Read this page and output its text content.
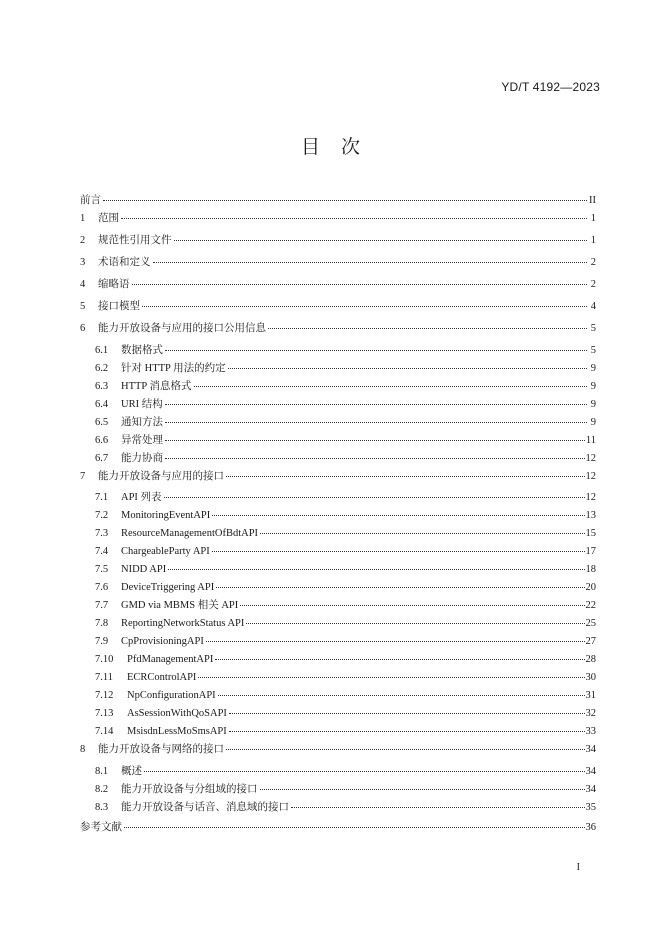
YD/T 4192—2023
目　次
前言	II
1	范围	1
2	规范性引用文件	1
3	术语和定义	2
4	缩略语	2
5	接口模型	4
6	能力开放设备与应用的接口公用信息	5
6.1	数据格式	5
6.2	针对 HTTP 用法的约定	9
6.3	HTTP 消息格式	9
6.4	URI 结构	9
6.5	通知方法	9
6.6	异常处理	11
6.7	能力协商	12
7	能力开放设备与应用的接口	12
7.1	API 列表	12
7.2	MonitoringEventAPI	13
7.3	ResourceManagementOfBdtAPI	15
7.4	ChargeableParty API	17
7.5	NIDD API	18
7.6	DeviceTriggering API	20
7.7	GMD via MBMS 相关 API	22
7.8	ReportingNetworkStatus API	25
7.9	CpProvisioningAPI	27
7.10	PfdManagementAPI	28
7.11	ECRControlAPI	30
7.12	NpConfigurationAPI	31
7.13	AsSessionWithQoSAPI	32
7.14	MsisdnLessMoSmsAPI	33
8	能力开放设备与网络的接口	34
8.1	概述	34
8.2	能力开放设备与分组域的接口	34
8.3	能力开放设备与话音、消息域的接口	35
参考文献	36
I
